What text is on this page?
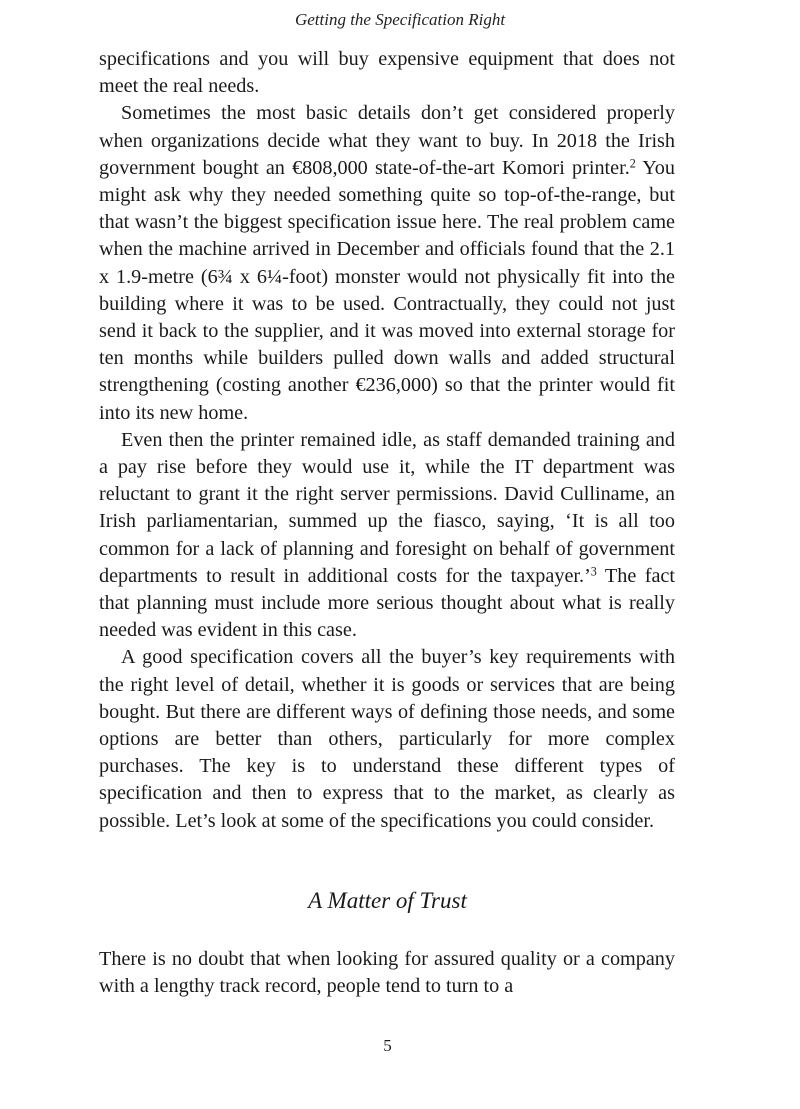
Getting the Specification Right

specifications and you will buy expensive equipment that does not meet the real needs.

Sometimes the most basic details don’t get considered properly when organizations decide what they want to buy. In 2018 the Irish government bought an €808,000 state-of-the-art Komori printer.$^2$ You might ask why they needed something quite so top-of-the-range, but that wasn’t the biggest specification issue here. The real problem came when the machine arrived in December and officials found that the 2.1 x 1.9-metre (6¾ x 6¼-foot) monster would not physically fit into the building where it was to be used. Contractually, they could not just send it back to the supplier, and it was moved into external storage for ten months while builders pulled down walls and added structural strengthening (costing another €236,000) so that the printer would fit into its new home.

Even then the printer remained idle, as staff demanded training and a pay rise before they would use it, while the IT department was reluctant to grant it the right server permissions. David Culliname, an Irish parliamentarian, summed up the fiasco, saying, ‘It is all too common for a lack of planning and foresight on behalf of government departments to result in additional costs for the taxpayer.’$^3$ The fact that planning must include more serious thought about what is really needed was evident in this case.

A good specification covers all the buyer’s key requirements with the right level of detail, whether it is goods or services that are being bought. But there are different ways of defining those needs, and some options are better than others, particularly for more complex purchases. The key is to understand these different types of specification and then to express that to the market, as clearly as possible. Let’s look at some of the specifications you could consider.

A Matter of Trust

There is no doubt that when looking for assured quality or a company with a lengthy track record, people tend to turn to a

5
